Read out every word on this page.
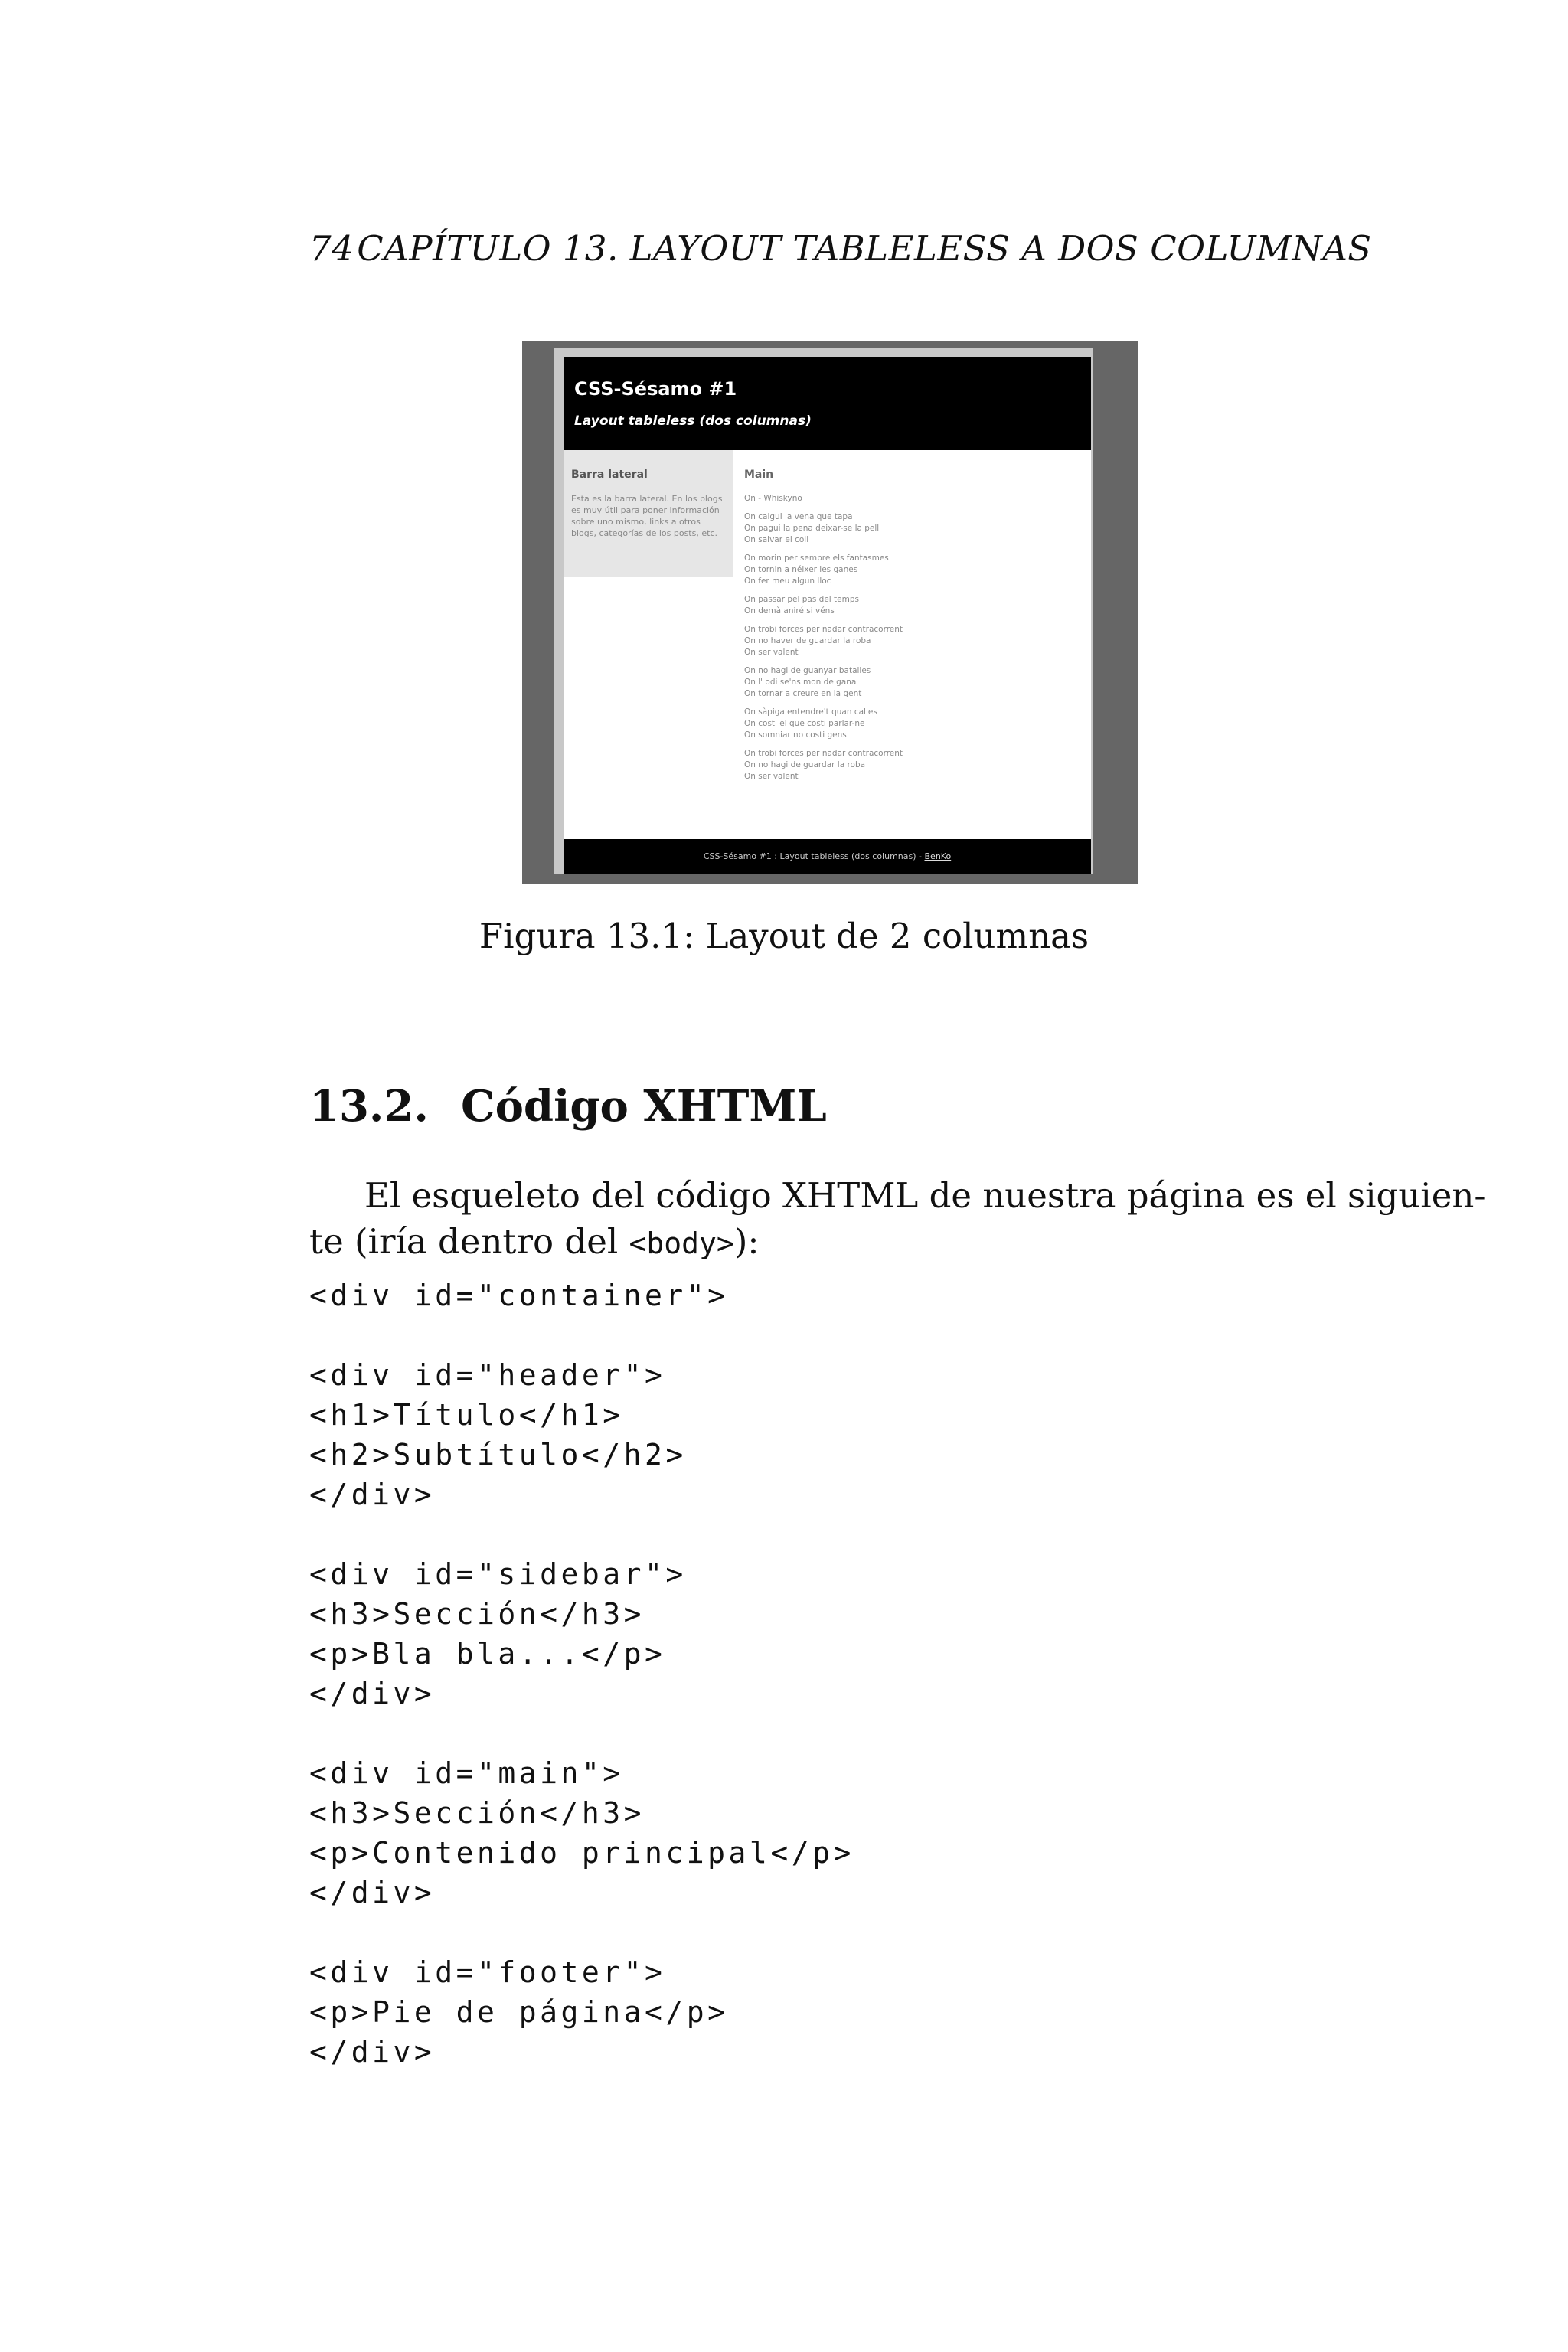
74CAPÍTULO 13. LAYOUT TABLELESS A DOS COLUMNAS
CSS-Sésamo #1
Layout tableless (dos columnas)
Barra lateral
Esta es la barra lateral. En los blogs es muy útil para poner información sobre uno mismo, links a otros blogs, categorías de los posts, etc.
Main
On - Whiskyno
On caigui la vena que tapa
On pagui la pena deixar-se la pell
On salvar el coll
On morin per sempre els fantasmes
On tornin a néixer les ganes
On fer meu algun lloc
On passar pel pas del temps
On demà aniré si véns
On trobi forces per nadar contracorrent
On no haver de guardar la roba
On ser valent
On no hagi de guanyar batalles
On l' odi se'ns mon de gana
On tornar a creure en la gent
On sàpiga entendre't quan calles
On costi el que costi parlar-ne
On somniar no costi gens
On trobi forces per nadar contracorrent
On no hagi de guardar la roba
On ser valent
CSS-Sésamo #1 : Layout tableless (dos columnas) - BenKo
Figura 13.1: Layout de 2 columnas
13.2. Código XHTML
El esqueleto del código XHTML de nuestra página es el siguien-
te (iría dentro del <body>):
<div id="container">
<div id="header">
<h1>Título</h1>
<h2>Subtítulo</h2>
</div>
<div id="sidebar">
<h3>Sección</h3>
<p>Bla bla...</p>
</div>
<div id="main">
<h3>Sección</h3>
<p>Contenido principal</p>
</div>
<div id="footer">
<p>Pie de página</p>
</div>
